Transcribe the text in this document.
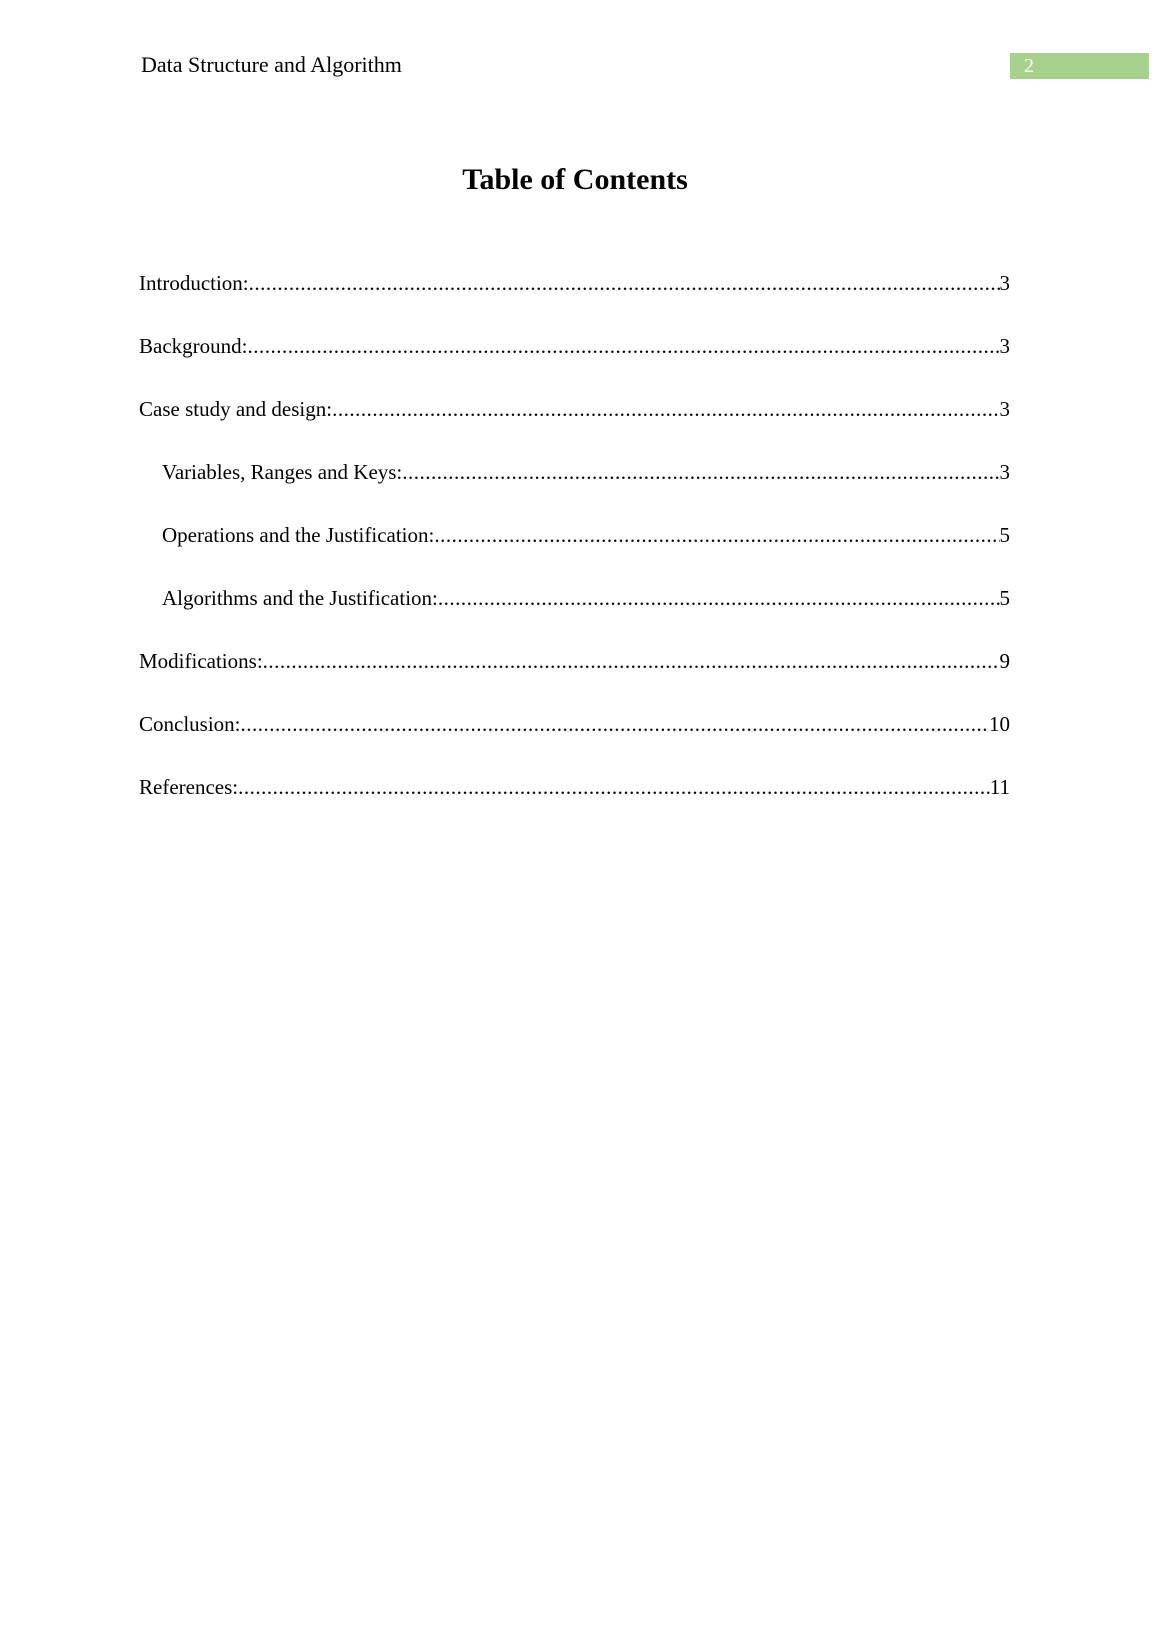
Data Structure and Algorithm	2
Table of Contents
Introduction: .....	3
Background: .....	3
Case study and design: .....	3
Variables, Ranges and Keys: .....	3
Operations and the Justification: .....	5
Algorithms and the Justification: .....	5
Modifications: .....	9
Conclusion: .....	10
References: .....	11
